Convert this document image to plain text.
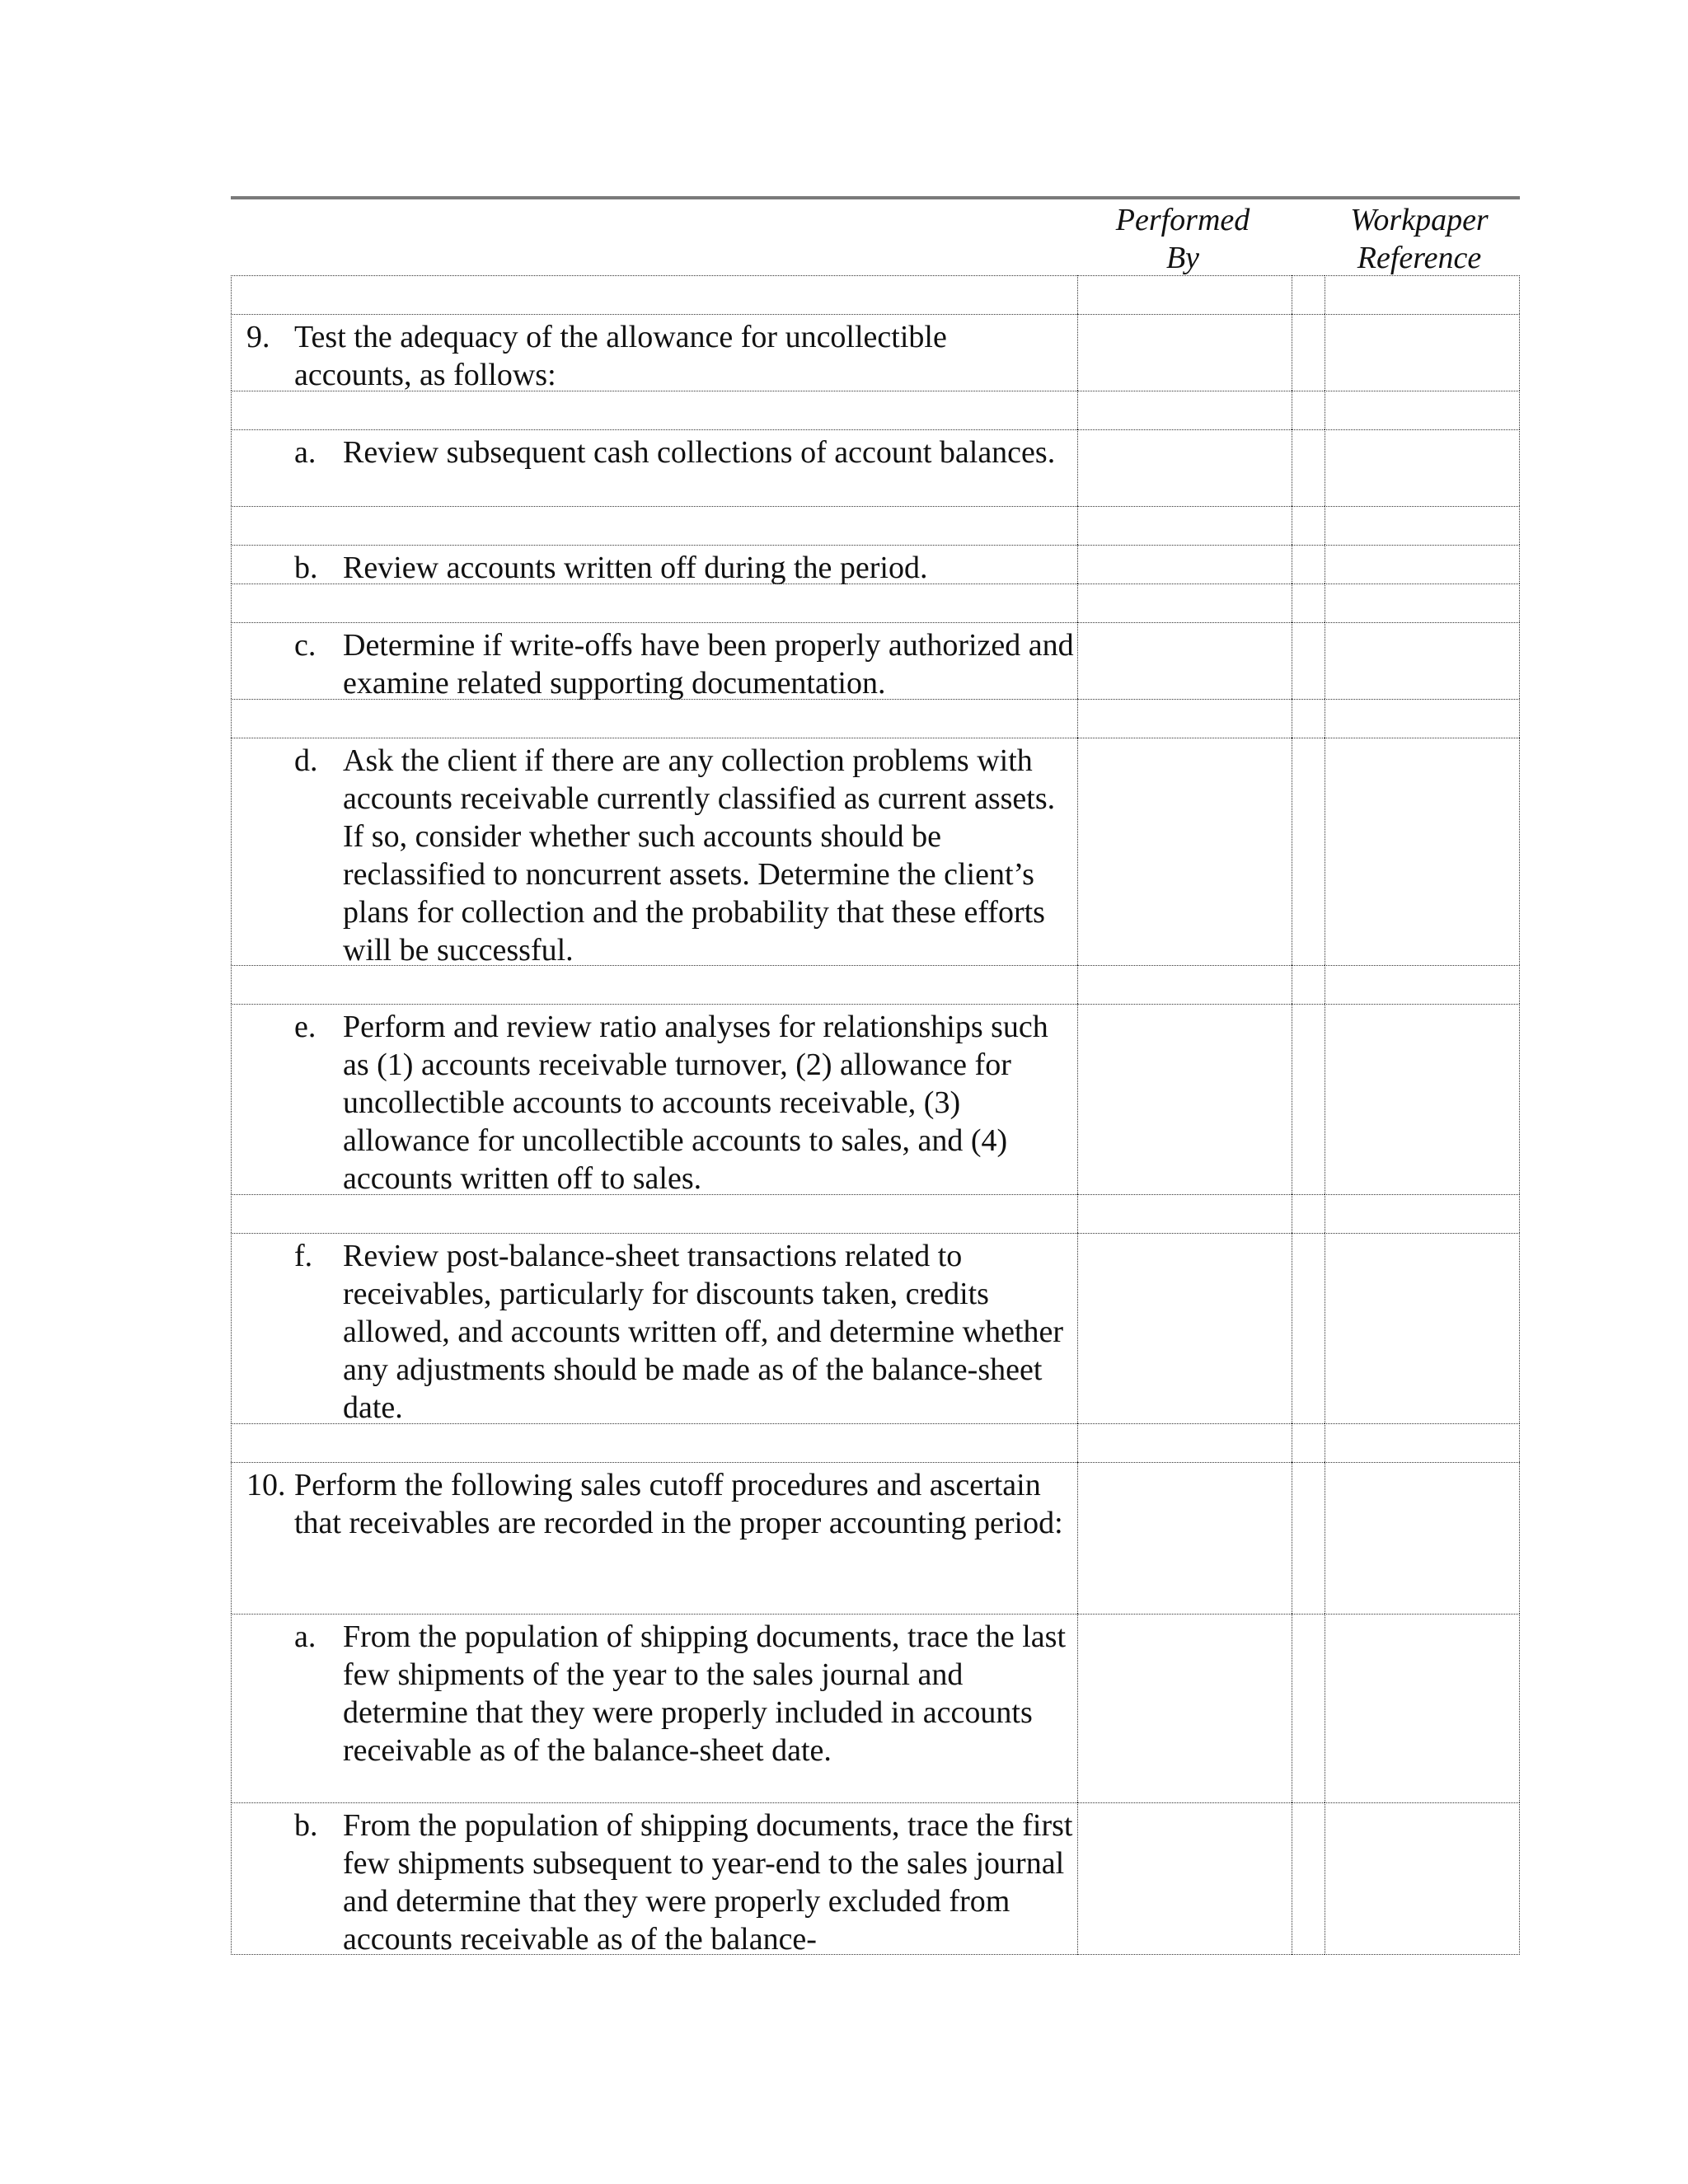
Performed
By
Workpaper
Reference
9. Test the adequacy of the allowance for uncollectible accounts, as follows:
a. Review subsequent cash collections of account balances.
b. Review accounts written off during the period.
c. Determine if write-offs have been properly authorized and examine related supporting documentation.
d. Ask the client if there are any collection problems with accounts receivable currently classified as current assets. If so, consider whether such accounts should be reclassified to noncurrent assets. Determine the client’s plans for collection and the probability that these efforts will be successful.
e. Perform and review ratio analyses for relationships such as (1) accounts receivable turnover, (2) allowance for uncollectible accounts to accounts receivable, (3) allowance for uncollectible accounts to sales, and (4) accounts written off to sales.
f. Review post-balance-sheet transactions related to receivables, particularly for discounts taken, credits allowed, and accounts written off, and determine whether any adjustments should be made as of the balance-sheet date.
10. Perform the following sales cutoff procedures and ascertain that receivables are recorded in the proper accounting period:
a. From the population of shipping documents, trace the last few shipments of the year to the sales journal and determine that they were properly included in accounts receivable as of the balance-sheet date.
b. From the population of shipping documents, trace the first few shipments subsequent to year-end to the sales journal and determine that they were properly excluded from accounts receivable as of the balance-
